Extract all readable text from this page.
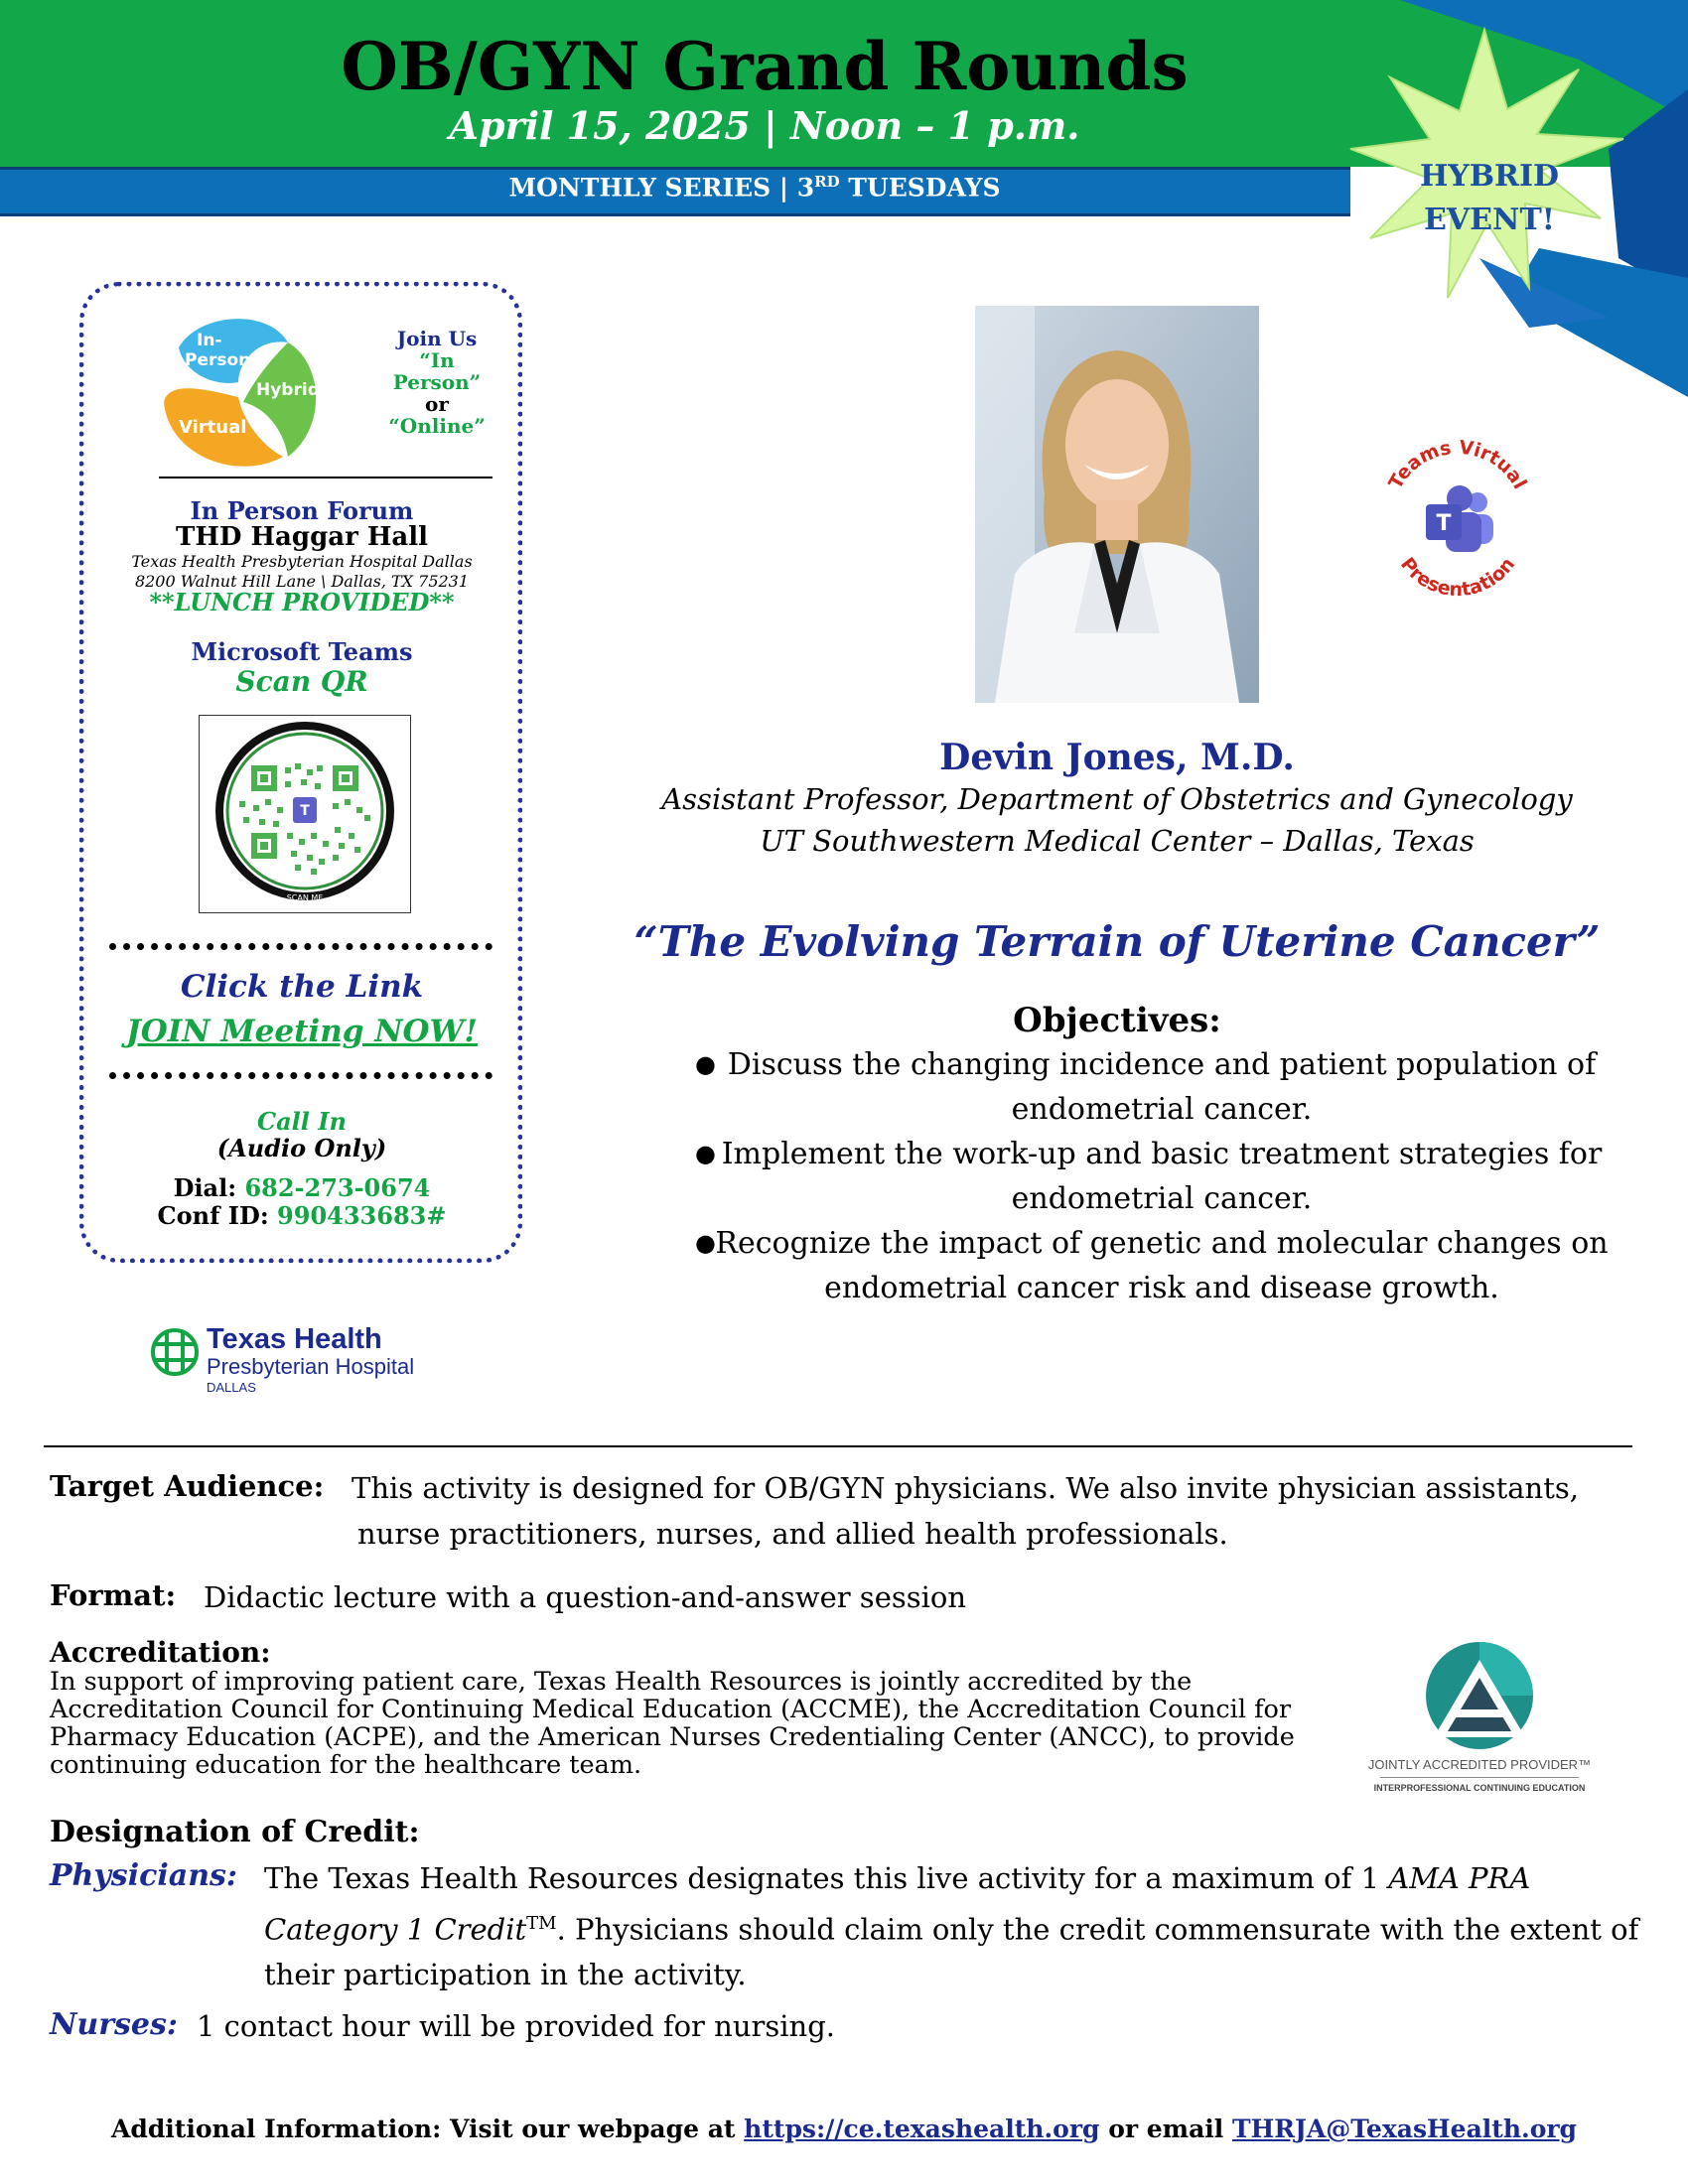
OB/GYN Grand Rounds
April 15, 2025 | Noon – 1 p.m.
MONTHLY SERIES | 3RD TUESDAYS	HYBRID
EVENT!
In-
Person
Hybrid
Virtual
Join Us
“In
Person”
or
“Online”
In Person Forum
THD Haggar Hall
Texas Health Presbyterian Hospital Dallas
8200 Walnut Hill Lane \ Dallas, TX 75231
**LUNCH PROVIDED**
Microsoft Teams
Scan QR
T
SCAN ME
Click the Link
JOIN Meeting NOW!
Call In
(Audio Only)
Dial: 682-273-0674
Conf ID: 990433683#
Texas Health
Presbyterian Hospital
DALLAS
Teams Virtual
Presentation
T
Devin Jones, M.D.
Assistant Professor, Department of Obstetrics and Gynecology
UT Southwestern Medical Center – Dallas, Texas
“The Evolving Terrain of Uterine Cancer”
Objectives:
● Discuss the changing incidence and patient population of endometrial cancer.
● Implement the work-up and basic treatment strategies for endometrial cancer.
● Recognize the impact of genetic and molecular changes on endometrial cancer risk and disease growth.
Target Audience: This activity is designed for OB/GYN physicians. We also invite physician assistants,
nurse practitioners, nurses, and allied health professionals.
Format: Didactic lecture with a question-and-answer session
Accreditation:
In support of improving patient care, Texas Health Resources is jointly accredited by the Accreditation Council for Continuing Medical Education (ACCME), the Accreditation Council for Pharmacy Education (ACPE), and the American Nurses Credentialing Center (ANCC), to provide continuing education for the healthcare team.	JOINTLY ACCREDITED PROVIDER™
INTERPROFESSIONAL CONTINUING EDUCATION
Designation of Credit:
Physicians: The Texas Health Resources designates this live activity for a maximum of 1 AMA PRA Category 1 Credit™. Physicians should claim only the credit commensurate with the extent of their participation in the activity.
Nurses: 1 contact hour will be provided for nursing.
Additional Information: Visit our webpage at https://ce.texashealth.org or email THRJA@TexasHealth.org
